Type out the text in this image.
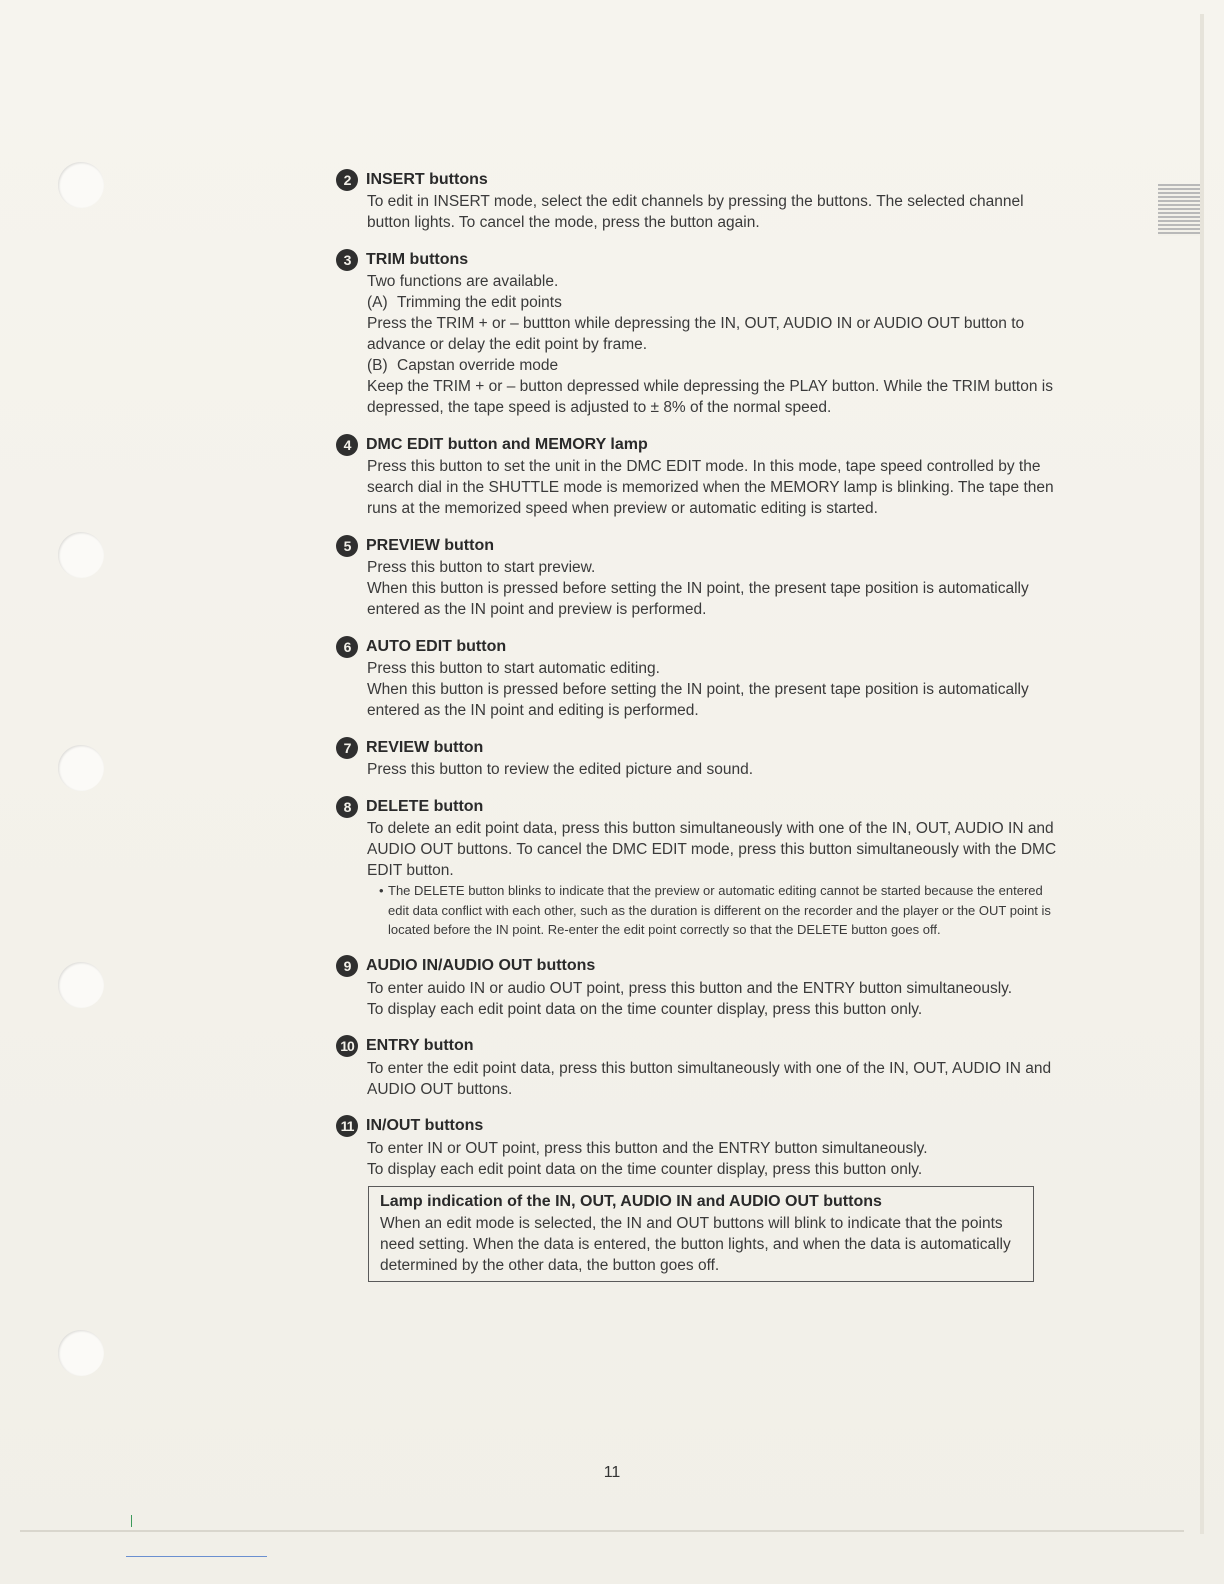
2 INSERT buttons

To edit in INSERT mode, select the edit channels by pressing the buttons. The selected channel button lights. To cancel the mode, press the button again.

3 TRIM buttons

Two functions are available.

(A) Trimming the edit points

Press the TRIM + or – buttton while depressing the IN, OUT, AUDIO IN or AUDIO OUT button to advance or delay the edit point by frame.

(B) Capstan override mode

Keep the TRIM + or – button depressed while depressing the PLAY button. While the TRIM button is depressed, the tape speed is adjusted to ± 8% of the normal speed.

4 DMC EDIT button and MEMORY lamp

Press this button to set the unit in the DMC EDIT mode. In this mode, tape speed controlled by the search dial in the SHUTTLE mode is memorized when the MEMORY lamp is blinking. The tape then runs at the memorized speed when preview or automatic editing is started.

5 PREVIEW button

Press this button to start preview.

When this button is pressed before setting the IN point, the present tape position is automatically entered as the IN point and preview is performed.

6 AUTO EDIT button

Press this button to start automatic editing.

When this button is pressed before setting the IN point, the present tape position is automatically entered as the IN point and editing is performed.

7 REVIEW button

Press this button to review the edited picture and sound.

8 DELETE button

To delete an edit point data, press this button simultaneously with one of the IN, OUT, AUDIO IN and AUDIO OUT buttons. To cancel the DMC EDIT mode, press this button simultaneously with the DMC EDIT button.

• The DELETE button blinks to indicate that the preview or automatic editing cannot be started because the entered edit data conflict with each other, such as the duration is different on the recorder and the player or the OUT point is located before the IN point. Re-enter the edit point correctly so that the DELETE button goes off.
9 AUDIO IN/AUDIO OUT buttons

To enter auido IN or audio OUT point, press this button and the ENTRY button simultaneously.

To display each edit point data on the time counter display, press this button only.

10 ENTRY button

To enter the edit point data, press this button simultaneously with one of the IN, OUT, AUDIO IN and AUDIO OUT buttons.

11 IN/OUT buttons

To enter IN or OUT point, press this button and the ENTRY button simultaneously.

To display each edit point data on the time counter display, press this button only.

Lamp indication of the IN, OUT, AUDIO IN and AUDIO OUT buttons
When an edit mode is selected, the IN and OUT buttons will blink to indicate that the points need setting. When the data is entered, the button lights, and when the data is automatically determined by the other data, the button goes off.
11
